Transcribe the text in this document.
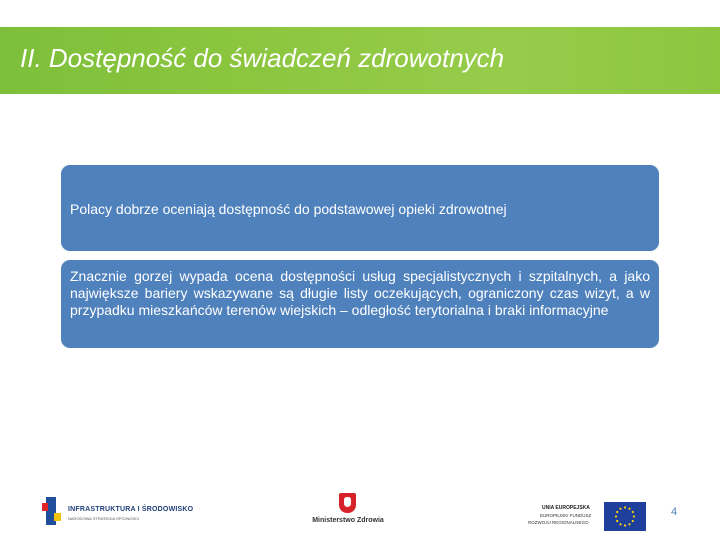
II. Dostępność do świadczeń zdrowotnych
Polacy dobrze oceniają dostępność do podstawowej opieki zdrowotnej
Znacznie gorzej wypada ocena dostępności usług specjalistycznych i szpitalnych, a jako największe bariery wskazywane są długie listy oczekujących, ograniczony czas wizyt, a w przypadku mieszkańców terenów wiejskich – odległość terytorialna i braki informacyjne
INFRASTRUKTURA I ŚRODOWISKO
NARODOWA STRATEGIA SPÓJNOŚCI	Ministerstwo Zdrowia
UNIA EUROPEJSKA
EUROPEJSKI FUNDUSZ
ROZWOJU REGIONALNEGO
4
